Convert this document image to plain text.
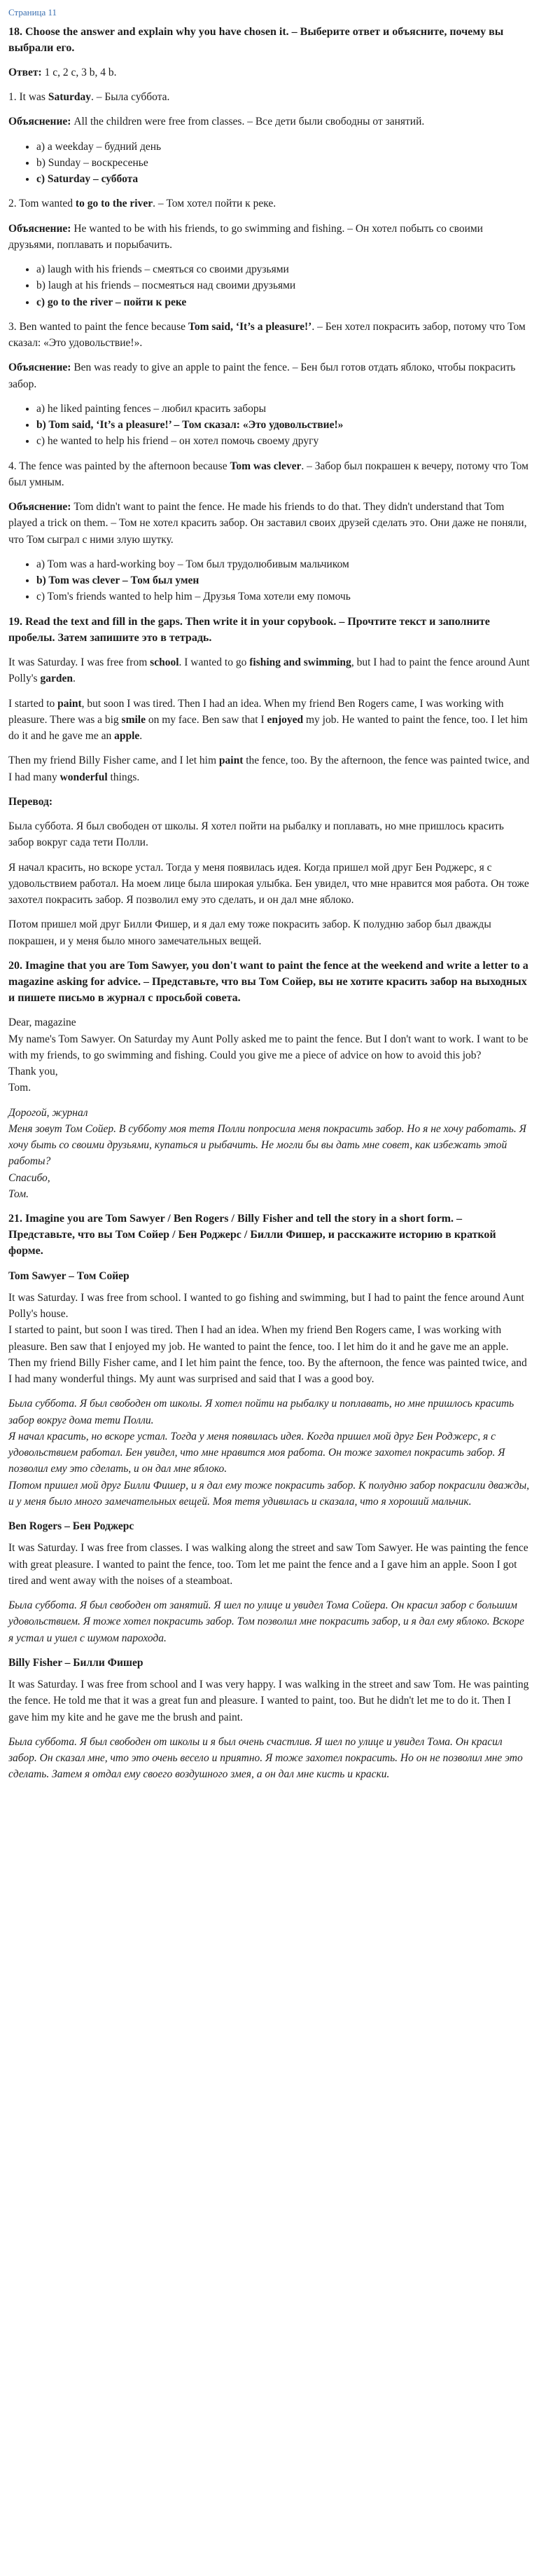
Страница 11
18. Choose the answer and explain why you have chosen it. – Выберите ответ и объясните, почему вы выбрали его.

Ответ: 1 c, 2 c, 3 b, 4 b.

1. It was Saturday. – Была суббота.

Объяснение: All the children were free from classes. – Все дети были свободны от занятий.

• a) a weekday – будний день
• b) Sunday – воскресенье
• c) Saturday – суббота

2. Tom wanted to go to the river. – Том хотел пойти к реке.

Объяснение: He wanted to be with his friends, to go swimming and fishing. – Он хотел побыть со своими друзьями, поплавать и порыбачить.

• a) laugh with his friends – смеяться со своими друзьями
• b) laugh at his friends – посмеяться над своими друзьями
• c) go to the river – пойти к реке

3. Ben wanted to paint the fence because Tom said, ‘It’s a pleasure!’. – Бен хотел покрасить забор, потому что Том сказал: «Это удовольствие!».

Объяснение: Ben was ready to give an apple to paint the fence. – Бен был готов отдать яблоко, чтобы покрасить забор.

• a) he liked painting fences – любил красить заборы
• b) Tom said, ‘It’s a pleasure!’ – Том сказал: «Это удовольствие!»
• c) he wanted to help his friend – он хотел помочь своему другу

4. The fence was painted by the afternoon because Tom was clever. – Забор был покрашен к вечеру, потому что Том был умным.

Объяснение: Tom didn't want to paint the fence. He made his friends to do that. They didn't understand that Tom played a trick on them. – Том не хотел красить забор. Он заставил своих друзей сделать это. Они даже не поняли, что Том сыграл с ними злую шутку.

• a) Tom was a hard-working boy – Том был трудолюбивым мальчиком
• b) Tom was clever – Том был умен
• c) Tom's friends wanted to help him – Друзья Тома хотели ему помочь
19. Read the text and fill in the gaps. Then write it in your copybook. – Прочтите текст и заполните пробелы. Затем запишите это в тетрадь.

It was Saturday. I was free from school. I wanted to go fishing and swimming, but I had to paint the fence around Aunt Polly's garden.

I started to paint, but soon I was tired. Then I had an idea. When my friend Ben Rogers came, I was working with pleasure. There was a big smile on my face. Ben saw that I enjoyed my job. He wanted to paint the fence, too. I let him do it and he gave me an apple.

Then my friend Billy Fisher came, and I let him paint the fence, too. By the afternoon, the fence was painted twice, and I had many wonderful things.

Перевод:

Была суббота. Я был свободен от школы. Я хотел пойти на рыбалку и поплавать, но мне пришлось красить забор вокруг сада тети Полли.

Я начал красить, но вскоре устал. Тогда у меня появилась идея. Когда пришел мой друг Бен Роджерс, я с удовольствием работал. На моем лице была широкая улыбка. Бен увидел, что мне нравится моя работа. Он тоже захотел покрасить забор. Я позволил ему это сделать, и он дал мне яблоко.

Потом пришел мой друг Билли Фишер, и я дал ему тоже покрасить забор. К полудню забор был дважды покрашен, и у меня было много замечательных вещей.

20. Imagine that you are Tom Sawyer, you don't want to paint the fence at the weekend and write a letter to a magazine asking for advice. – Представьте, что вы Том Сойер, вы не хотите красить забор на выходных и пишете письмо в журнал с просьбой совета.

Dear, magazine

My name's Tom Sawyer. On Saturday my Aunt Polly asked me to paint the fence. But I don't want to work. I want to be with my friends, to go swimming and fishing. Could you give me a piece of advice on how to avoid this job?

Thank you,

Tom.

Дорогой, журнал

Меня зовут Том Сойер. В субботу моя тетя Полли попросила меня покрасить забор. Но я не хочу работать. Я хочу быть со своими друзьями, купаться и рыбачить. Не могли бы вы дать мне совет, как избежать этой работы?

Спасибо,

Том.

21. Imagine you are Tom Sawyer / Ben Rogers / Billy Fisher and tell the story in a short form. – Представьте, что вы Том Сойер / Бен Роджерс / Билли Фишер, и расскажите историю в краткой форме.

Tom Sawyer – Том Сойер

It was Saturday. I was free from school. I wanted to go fishing and swimming, but I had to paint the fence around Aunt Polly's house.

I started to paint, but soon I was tired. Then I had an idea. When my friend Ben Rogers came, I was working with pleasure. Ben saw that I enjoyed my job. He wanted to paint the fence, too. I let him do it and he gave me an apple.

Then my friend Billy Fisher came, and I let him paint the fence, too. By the afternoon, the fence was painted twice, and I had many wonderful things. My aunt was surprised and said that I was a good boy.

Была суббота. Я был свободен от школы. Я хотел пойти на рыбалку и поплавать, но мне пришлось красить забор вокруг дома тети Полли.

Я начал красить, но вскоре устал. Тогда у меня появилась идея. Когда пришел мой друг Бен Роджерс, я с удовольствием работал. Бен увидел, что мне нравится моя работа. Он тоже захотел покрасить забор. Я позволил ему это сделать, и он дал мне яблоко.

Потом пришел мой друг Билли Фишер, и я дал ему тоже покрасить забор. К полудню забор покрасили дважды, и у меня было много замечательных вещей. Моя тетя удивилась и сказала, что я хороший мальчик.

Ben Rogers – Бен Роджерс

It was Saturday. I was free from classes. I was walking along the street and saw Tom Sawyer. He was painting the fence with great pleasure. I wanted to paint the fence, too. Tom let me paint the fence and a I gave him an apple. Soon I got tired and went away with the noises of a steamboat.

Была суббота. Я был свободен от занятий. Я шел по улице и увидел Тома Сойера. Он красил забор с большим удовольствием. Я тоже хотел покрасить забор. Том позволил мне покрасить забор, и я дал ему яблоко. Вскоре я устал и ушел с шумом парохода.

Billy Fisher – Билли Фишер

It was Saturday. I was free from school and I was very happy. I was walking in the street and saw Tom. He was painting the fence. He told me that it was a great fun and pleasure. I wanted to paint, too. But he didn't let me to do it. Then I gave him my kite and he gave me the brush and paint.

Была суббота. Я был свободен от школы и я был очень счастлив. Я шел по улице и увидел Тома. Он красил забор. Он сказал мне, что это очень весело и приятно. Я тоже захотел покрасить. Но он не позволил мне это сделать. Затем я отдал ему своего воздушного змея, а он дал мне кисть и краски.
